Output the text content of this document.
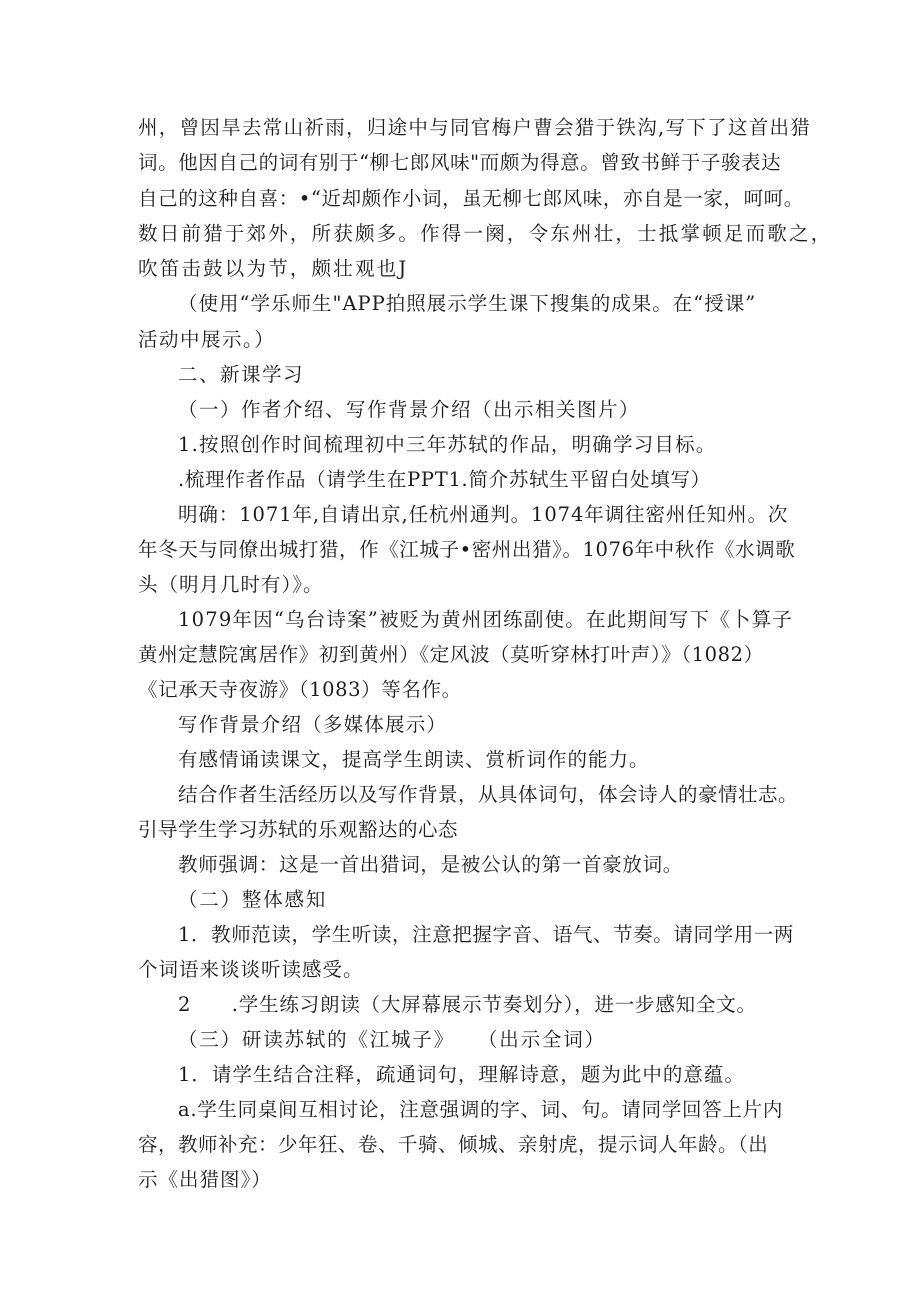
州，曾因旱去常山祈雨，归途中与同官梅户曹会猎于铁沟,写下了这首出猎
词。他因自己的词有别于“柳七郎风味"而颇为得意。曾致书鲜于子骏表达
自己的这种自喜：•“近却颇作小词，虽无柳七郎风味，亦自是一家，呵呵。
数日前猎于郊外，所获颇多。作得一阕，令东州壮，士抵掌顿足而歌之，
吹笛击鼓以为节，颇壮观也J
（使用“学乐师生"APP拍照展示学生课下搜集的成果。在“授课”
活动中展示。）
二、新课学习
（一）作者介绍、写作背景介绍（出示相关图片）
1.按照创作时间梳理初中三年苏轼的作品，明确学习目标。
.梳理作者作品（请学生在PPT1.简介苏轼生平留白处填写）
明确：1071年,自请出京,任杭州通判。1074年调往密州任知州。次
年冬天与同僚出城打猎，作《江城子•密州出猎》。1076年中秋作《水调歌
头（明月几时有）》。
1079年因“乌台诗案”被贬为黄州团练副使。在此期间写下《卜算子
黄州定慧院寓居作》初到黄州）《定风波（莫听穿林打叶声）》（1082）
《记承天寺夜游》（1083）等名作。
写作背景介绍（多媒体展示）
有感情诵读课文，提高学生朗读、赏析词作的能力。
结合作者生活经历以及写作背景，从具体词句，体会诗人的豪情壮志。
引导学生学习苏轼的乐观豁达的心态
教师强调：这是一首出猎词，是被公认的第一首豪放词。
（二）整体感知
1．教师范读，学生听读，注意把握字音、语气、节奏。请同学用一两
个词语来谈谈听读感受。
2　　.学生练习朗读（大屏幕展示节奏划分），进一步感知全文。
（三）研读苏轼的《江城子》　　（出示全词）
1．请学生结合注释，疏通词句，理解诗意，题为此中的意蕴。
a.学生同桌间互相讨论，注意强调的字、词、句。请同学回答上片内
容，教师补充：少年狂、卷、千骑、倾城、亲射虎，提示词人年龄。（出
示《出猎图》）
